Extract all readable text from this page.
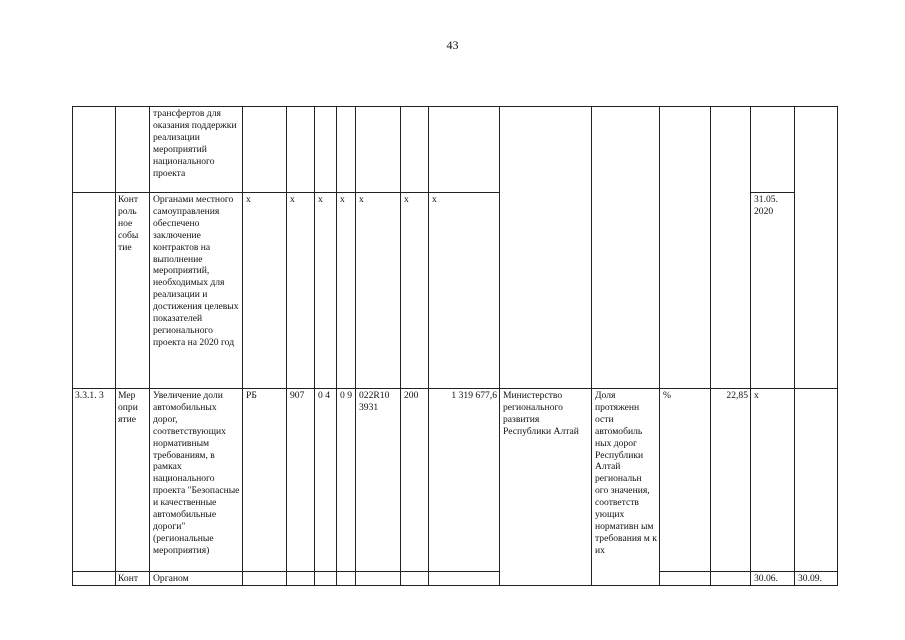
43
		трансфертов для оказания поддержки реализации мероприятий национального проекта													
	Конт роль ное собы тие	Органами местного самоуправления обеспечено заключение контрактов на выполнение мероприятий, необходимых для реализации и достижения целевых показателей регионального проекта на 2020 год	x	x	x	x	x	x	x					31.05. 2020	
3.3.1. 3	Мер опри ятие	Увеличение доли автомобильных дорог, соответствующих нормативным требованиям, в рамках национального проекта "Безопасные и качественные автомобильные дороги" (региональные мероприятия)	РБ	907	0 4	0 9	022R10 3931	200	1 319 677,6	Министерство регионального развития Республики Алтай	Доля протяженн ости автомобиль ных дорог Республики Алтай региональн ого значения, соответств ующих нормативн ым требования м к их	%	22,85	x	
	Конт	Органом												30.06.	30.09.
